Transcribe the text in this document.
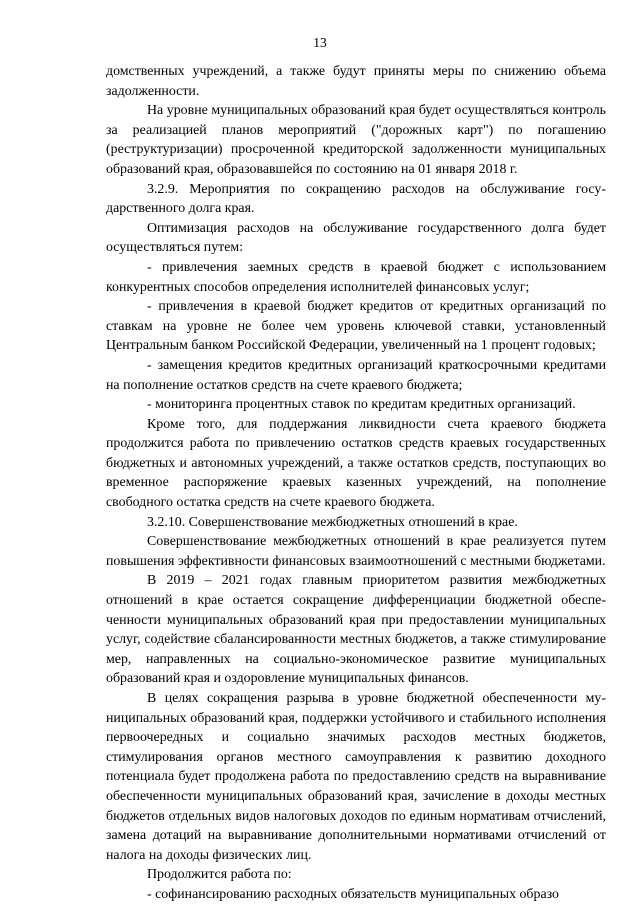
13

домственных учреждений, а также будут приняты меры по снижению объема задолженности.

На уровне муниципальных образований края будет осуществляться контроль за реализацией планов мероприятий ("дорожных карт") по погашению (реструктуризации) просроченной кредиторской задолженности муниципальных образований края, образовавшейся по состоянию на 01 января 2018 г.

3.2.9. Мероприятия по сокращению расходов на обслуживание государственного долга края.

Оптимизация расходов на обслуживание государственного долга будет осуществляться путем:

- привлечения заемных средств в краевой бюджет с использованием конкурентных способов определения исполнителей финансовых услуг;

- привлечения в краевой бюджет кредитов от кредитных организаций по ставкам на уровне не более чем уровень ключевой ставки, установленный Центральным банком Российской Федерации, увеличенный на 1 процент годовых;

- замещения кредитов кредитных организаций краткосрочными кредитами на пополнение остатков средств на счете краевого бюджета;

- мониторинга процентных ставок по кредитам кредитных организаций.

Кроме того, для поддержания ликвидности счета краевого бюджета продолжится работа по привлечению остатков средств краевых государственных бюджетных и автономных учреждений, а также остатков средств, поступающих во временное распоряжение краевых казенных учреждений, на пополнение свободного остатка средств на счете краевого бюджета.

3.2.10. Совершенствование межбюджетных отношений в крае.

Совершенствование межбюджетных отношений в крае реализуется путем повышения эффективности финансовых взаимоотношений с местными бюджетами.

В 2019 – 2021 годах главным приоритетом развития межбюджетных отношений в крае остается сокращение дифференциации бюджетной обеспеченности муниципальных образований края при предоставлении муниципальных услуг, содействие сбалансированности местных бюджетов, а также стимулирование мер, направленных на социально-экономическое развитие муниципальных образований края и оздоровление муниципальных финансов.

В целях сокращения разрыва в уровне бюджетной обеспеченности муниципальных образований края, поддержки устойчивого и стабильного исполнения первоочередных и социально значимых расходов местных бюджетов, стимулирования органов местного самоуправления к развитию доходного потенциала будет продолжена работа по предоставлению средств на выравнивание обеспеченности муниципальных образований края, зачисление в доходы местных бюджетов отдельных видов налоговых доходов по единым нормативам отчислений, замена дотаций на выравнивание дополнительными нормативами отчислений от налога на доходы физических лиц.

Продолжится работа по:

- софинансированию расходных обязательств муниципальных образо
